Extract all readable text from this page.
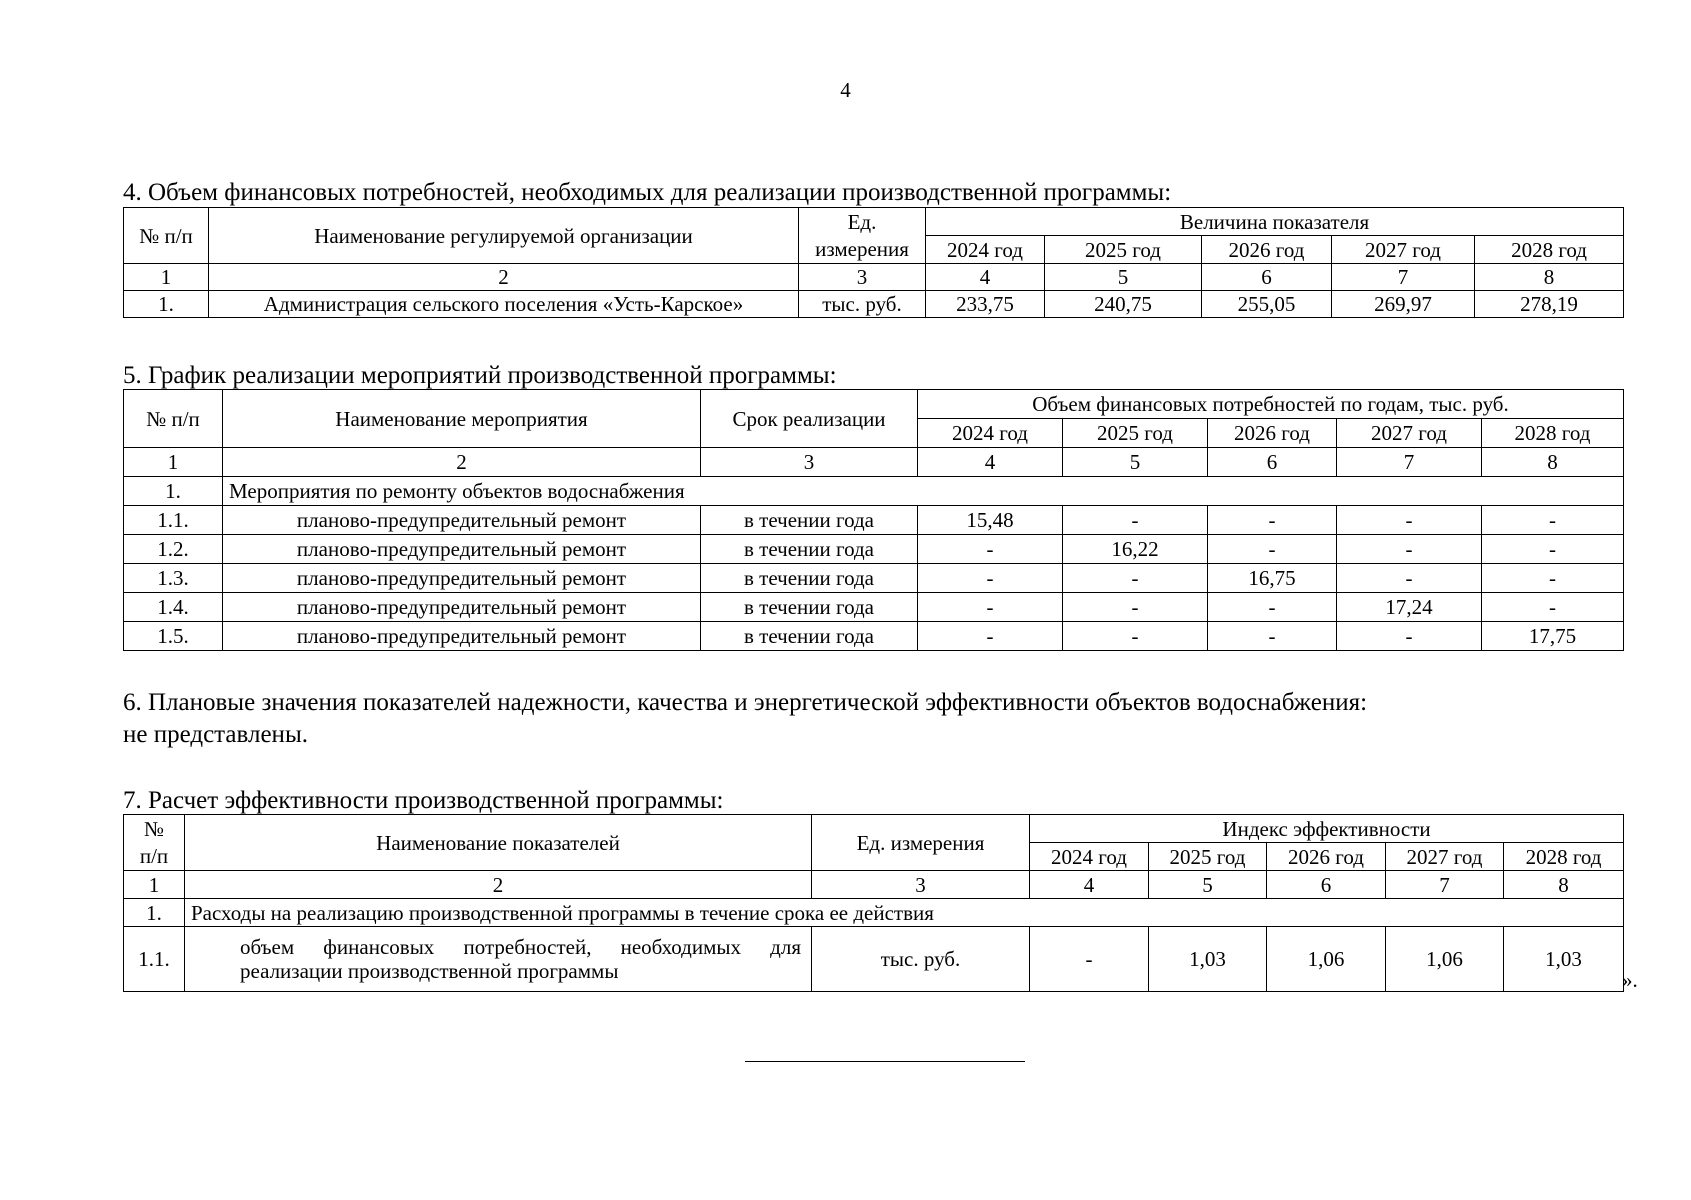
4
4. Объем финансовых потребностей, необходимых для реализации производственной программы:
№ п/п	Наименование регулируемой организации	Ед. измерения	Величина показателя				
			2024 год	2025 год	2026 год	2027 год	2028 год
1	2	3	4	5	6	7	8
1.	Администрация сельского поселения «Усть-Карское»	тыс. руб.	233,75	240,75	255,05	269,97	278,19
5. График реализации мероприятий производственной программы:
№ п/п	Наименование мероприятия	Срок реализации	Объем финансовых потребностей по годам, тыс. руб.				
			2024 год	2025 год	2026 год	2027 год	2028 год
1	2	3	4	5	6	7	8
1.	Мероприятия по ремонту объектов водоснабжения						
1.1.	планово-предупредительный ремонт	в течении года	15,48	-	-	-	-
1.2.	планово-предупредительный ремонт	в течении года	-	16,22	-	-	-
1.3.	планово-предупредительный ремонт	в течении года	-	-	16,75	-	-
1.4.	планово-предупредительный ремонт	в течении года	-	-	-	17,24	-
1.5.	планово-предупредительный ремонт	в течении года	-	-	-	-	17,75
6. Плановые значения показателей надежности, качества и энергетической эффективности объектов водоснабжения:
не представлены.
7. Расчет эффективности производственной программы:
№	Наименование показателей	Ед. измерения	Индекс эффективности				
п/п			2024 год	2025 год	2026 год	2027 год	2028 год
1	2	3	4	5	6	7	8
1.	Расходы на реализацию производственной программы в течение срока ее действия						
1.1.	объем финансовых потребностей, необходимых для реализации производственной программы	тыс. руб.	-	1,03	1,06	1,06	1,03
».
